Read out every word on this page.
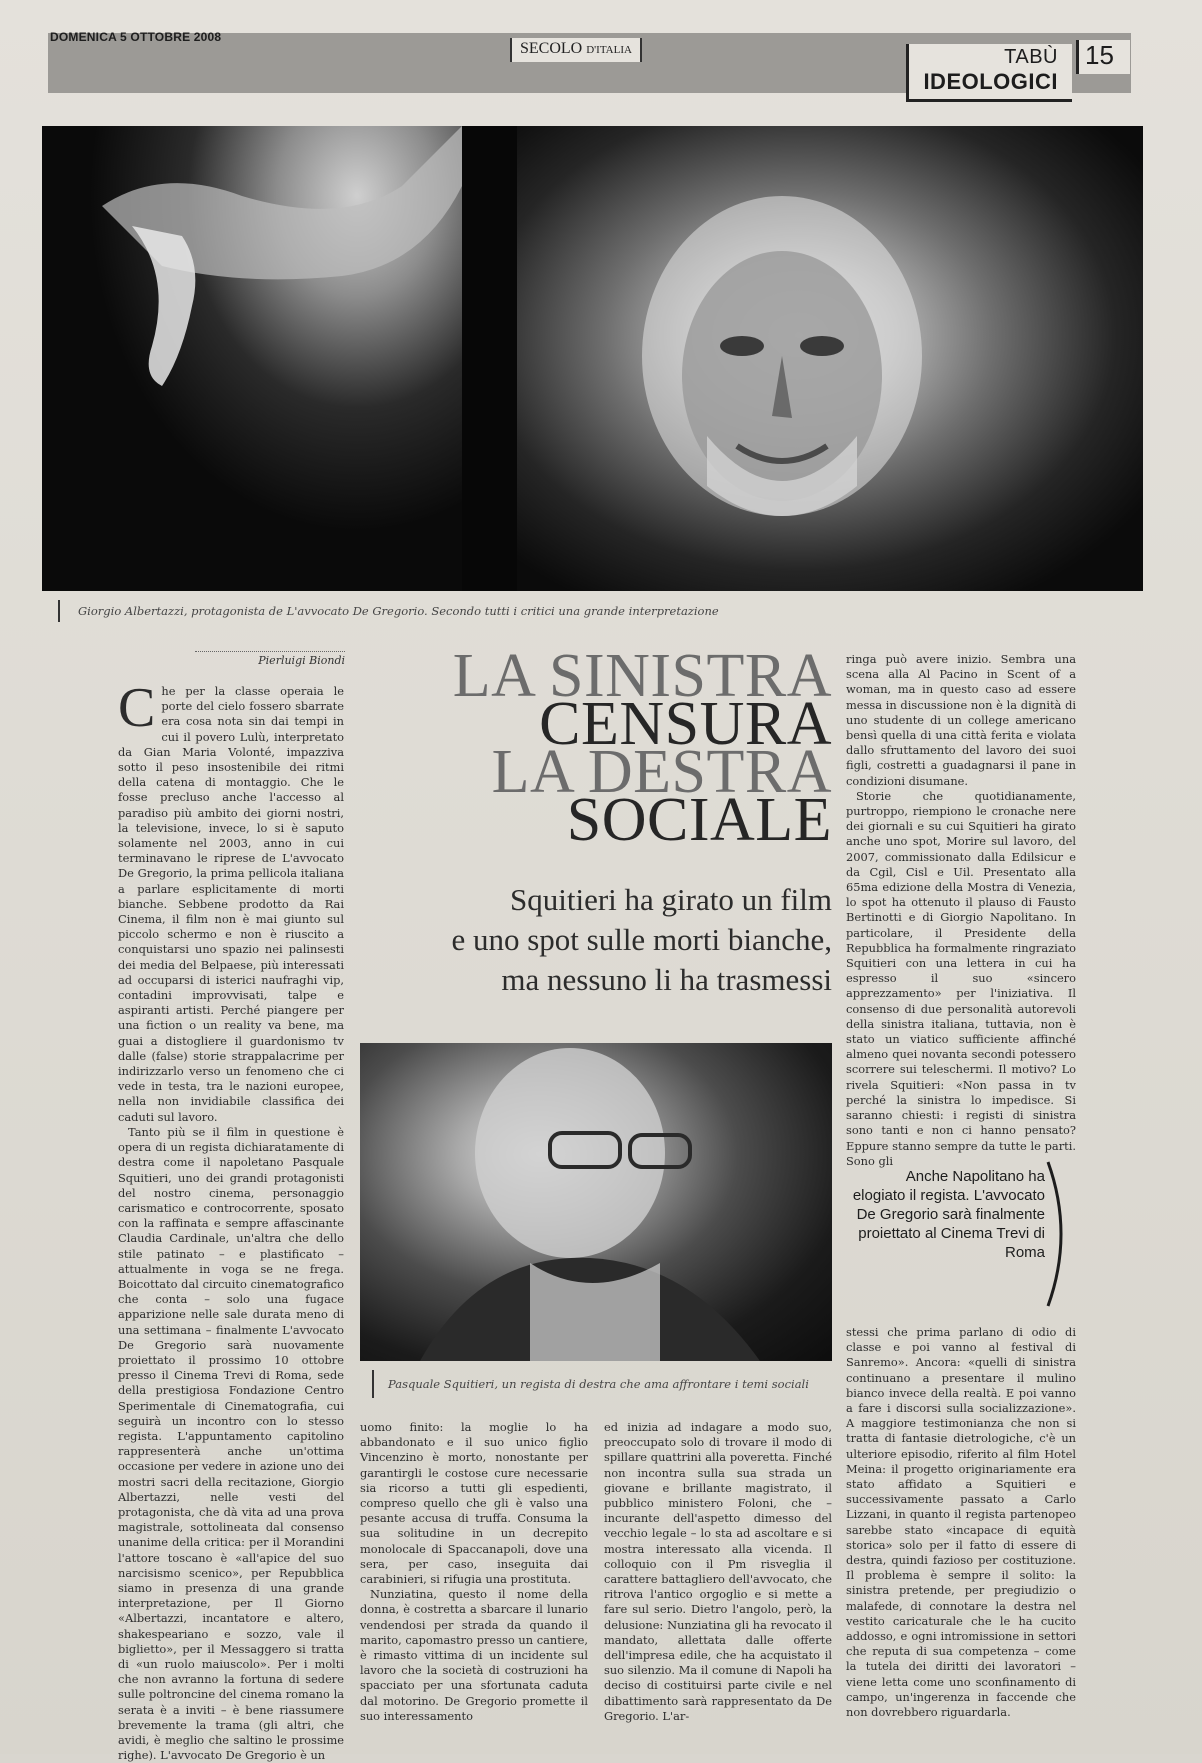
DOMENICA 5 OTTOBRE 2008
SECOLO D'ITALIA	TABÙ
IDEOLOGICI
15
Giorgio Albertazzi, protagonista de L'avvocato De Gregorio. Secondo tutti i critici una grande interpretazione
Pierluigi Biondi

Che per la classe operaia le porte del cielo fossero sbarrate era cosa nota sin dai tempi in cui il povero Lulù, interpretato da Gian Maria Volonté, impazziva sotto il peso insostenibile dei ritmi della catena di montaggio. Che le fosse precluso anche l'accesso al paradiso più ambito dei giorni nostri, la televisione, invece, lo si è saputo solamente nel 2003, anno in cui terminavano le riprese de L'avvocato De Gregorio, la prima pellicola italiana a parlare esplicitamente di morti bianche. Sebbene prodotto da Rai Cinema, il film non è mai giunto sul piccolo schermo e non è riuscito a conquistarsi uno spazio nei palinsesti dei media del Belpaese, più interessati ad occuparsi di isterici naufraghi vip, contadini improvvisati, talpe e aspiranti artisti. Perché piangere per una fiction o un reality va bene, ma guai a distogliere il guardonismo tv dalle (false) storie strappalacrime per indirizzarlo verso un fenomeno che ci vede in testa, tra le nazioni europee, nella non invidiabile classifica dei caduti sul lavoro.

Tanto più se il film in questione è opera di un regista dichiaratamente di destra come il napoletano Pasquale Squitieri, uno dei grandi protagonisti del nostro cinema, personaggio carismatico e controcorrente, sposato con la raffinata e sempre affascinante Claudia Cardinale, un'altra che dello stile patinato – e plastificato – attualmente in voga se ne frega. Boicottato dal circuito cinematografico che conta – solo una fugace apparizione nelle sale durata meno di una settimana – finalmente L'avvocato De Gregorio sarà nuovamente proiettato il prossimo 10 ottobre presso il Cinema Trevi di Roma, sede della prestigiosa Fondazione Centro Sperimentale di Cinematografia, cui seguirà un incontro con lo stesso regista. L'appuntamento capitolino rappresenterà anche un'ottima occasione per vedere in azione uno dei mostri sacri della recitazione, Giorgio Albertazzi, nelle vesti del protagonista, che dà vita ad una prova magistrale, sottolineata dal consenso unanime della critica: per il Morandini l'attore toscano è «all'apice del suo narcisismo scenico», per Repubblica siamo in presenza di una grande interpretazione, per Il Giorno «Albertazzi, incantatore e altero, shakespeariano e sozzo, vale il biglietto», per il Messaggero si tratta di «un ruolo maiuscolo». Per i molti che non avranno la fortuna di sedere sulle poltroncine del cinema romano la serata è a inviti – è bene riassumere brevemente la trama (gli altri, che avidi, è meglio che saltino le prossime righe). L'avvocato De Gregorio è un

LA SINISTRA
CENSURA
LA DESTRA
SOCIALE
Squitieri ha girato un film
e uno spot sulle morti bianche,
ma nessuno li ha trasmessi
Pasquale Squitieri, un regista di destra che ama affrontare i temi sociali

uomo finito: la moglie lo ha abbandonato e il suo unico figlio Vincenzino è morto, nonostante per garantirgli le costose cure necessarie sia ricorso a tutti gli espedienti, compreso quello che gli è valso una pesante accusa di truffa. Consuma la sua solitudine in un decrepito monolocale di Spaccanapoli, dove una sera, per caso, inseguita dai carabinieri, si rifugia una prostituta.

Nunziatina, questo il nome della donna, è costretta a sbarcare il lunario vendendosi per strada da quando il marito, capomastro presso un cantiere, è rimasto vittima di un incidente sul lavoro che la società di costruzioni ha spacciato per una sfortunata caduta dal motorino. De Gregorio promette il suo interessamento

ed inizia ad indagare a modo suo, preoccupato solo di trovare il modo di spillare quattrini alla poveretta. Finché non incontra sulla sua strada un giovane e brillante magistrato, il pubblico ministero Foloni, che – incurante dell'aspetto dimesso del vecchio legale – lo sta ad ascoltare e si mostra interessato alla vicenda. Il colloquio con il Pm risveglia il carattere battagliero dell'avvocato, che ritrova l'antico orgoglio e si mette a fare sul serio. Dietro l'angolo, però, la delusione: Nunziatina gli ha revocato il mandato, allettata dalle offerte dell'impresa edile, che ha acquistato il suo silenzio. Ma il comune di Napoli ha deciso di costituirsi parte civile e nel dibattimento sarà rappresentato da De Gregorio. L'ar-

ringa può avere inizio. Sembra una scena alla Al Pacino in Scent of a woman, ma in questo caso ad essere messa in discussione non è la dignità di uno studente di un college americano bensì quella di una città ferita e violata dallo sfruttamento del lavoro dei suoi figli, costretti a guadagnarsi il pane in condizioni disumane.

Storie che quotidianamente, purtroppo, riempiono le cronache nere dei giornali e su cui Squitieri ha girato anche uno spot, Morire sul lavoro, del 2007, commissionato dalla Edilsicur e da Cgil, Cisl e Uil. Presentato alla 65ma edizione della Mostra di Venezia, lo spot ha ottenuto il plauso di Fausto Bertinotti e di Giorgio Napolitano. In particolare, il Presidente della Repubblica ha formalmente ringraziato Squitieri con una lettera in cui ha espresso il suo «sincero apprezzamento» per l'iniziativa. Il consenso di due personalità autorevoli della sinistra italiana, tuttavia, non è stato un viatico sufficiente affinché almeno quei novanta secondi potessero scorrere sui teleschermi. Il motivo? Lo rivela Squitieri: «Non passa in tv perché la sinistra lo impedisce. Si saranno chiesti: i registi di sinistra sono tanti e non ci hanno pensato? Eppure stanno sempre da tutte le parti. Sono gli

Anche Napolitano ha elogiato il regista. L'avvocato De Gregorio sarà finalmente proiettato al Cinema Trevi di Roma

stessi che prima parlano di odio di classe e poi vanno al festival di Sanremo». Ancora: «quelli di sinistra continuano a presentare il mulino bianco invece della realtà. E poi vanno a fare i discorsi sulla socializzazione». A maggiore testimonianza che non si tratta di fantasie dietrologiche, c'è un ulteriore episodio, riferito al film Hotel Meina: il progetto originariamente era stato affidato a Squitieri e successivamente passato a Carlo Lizzani, in quanto il regista partenopeo sarebbe stato «incapace di equità storica» solo per il fatto di essere di destra, quindi fazioso per costituzione. Il problema è sempre il solito: la sinistra pretende, per pregiudizio o malafede, di connotare la destra nel vestito caricaturale che le ha cucito addosso, e ogni intromissione in settori che reputa di sua competenza – come la tutela dei diritti dei lavoratori – viene letta come uno sconfinamento di campo, un'ingerenza in faccende che non dovrebbero riguardarla.
